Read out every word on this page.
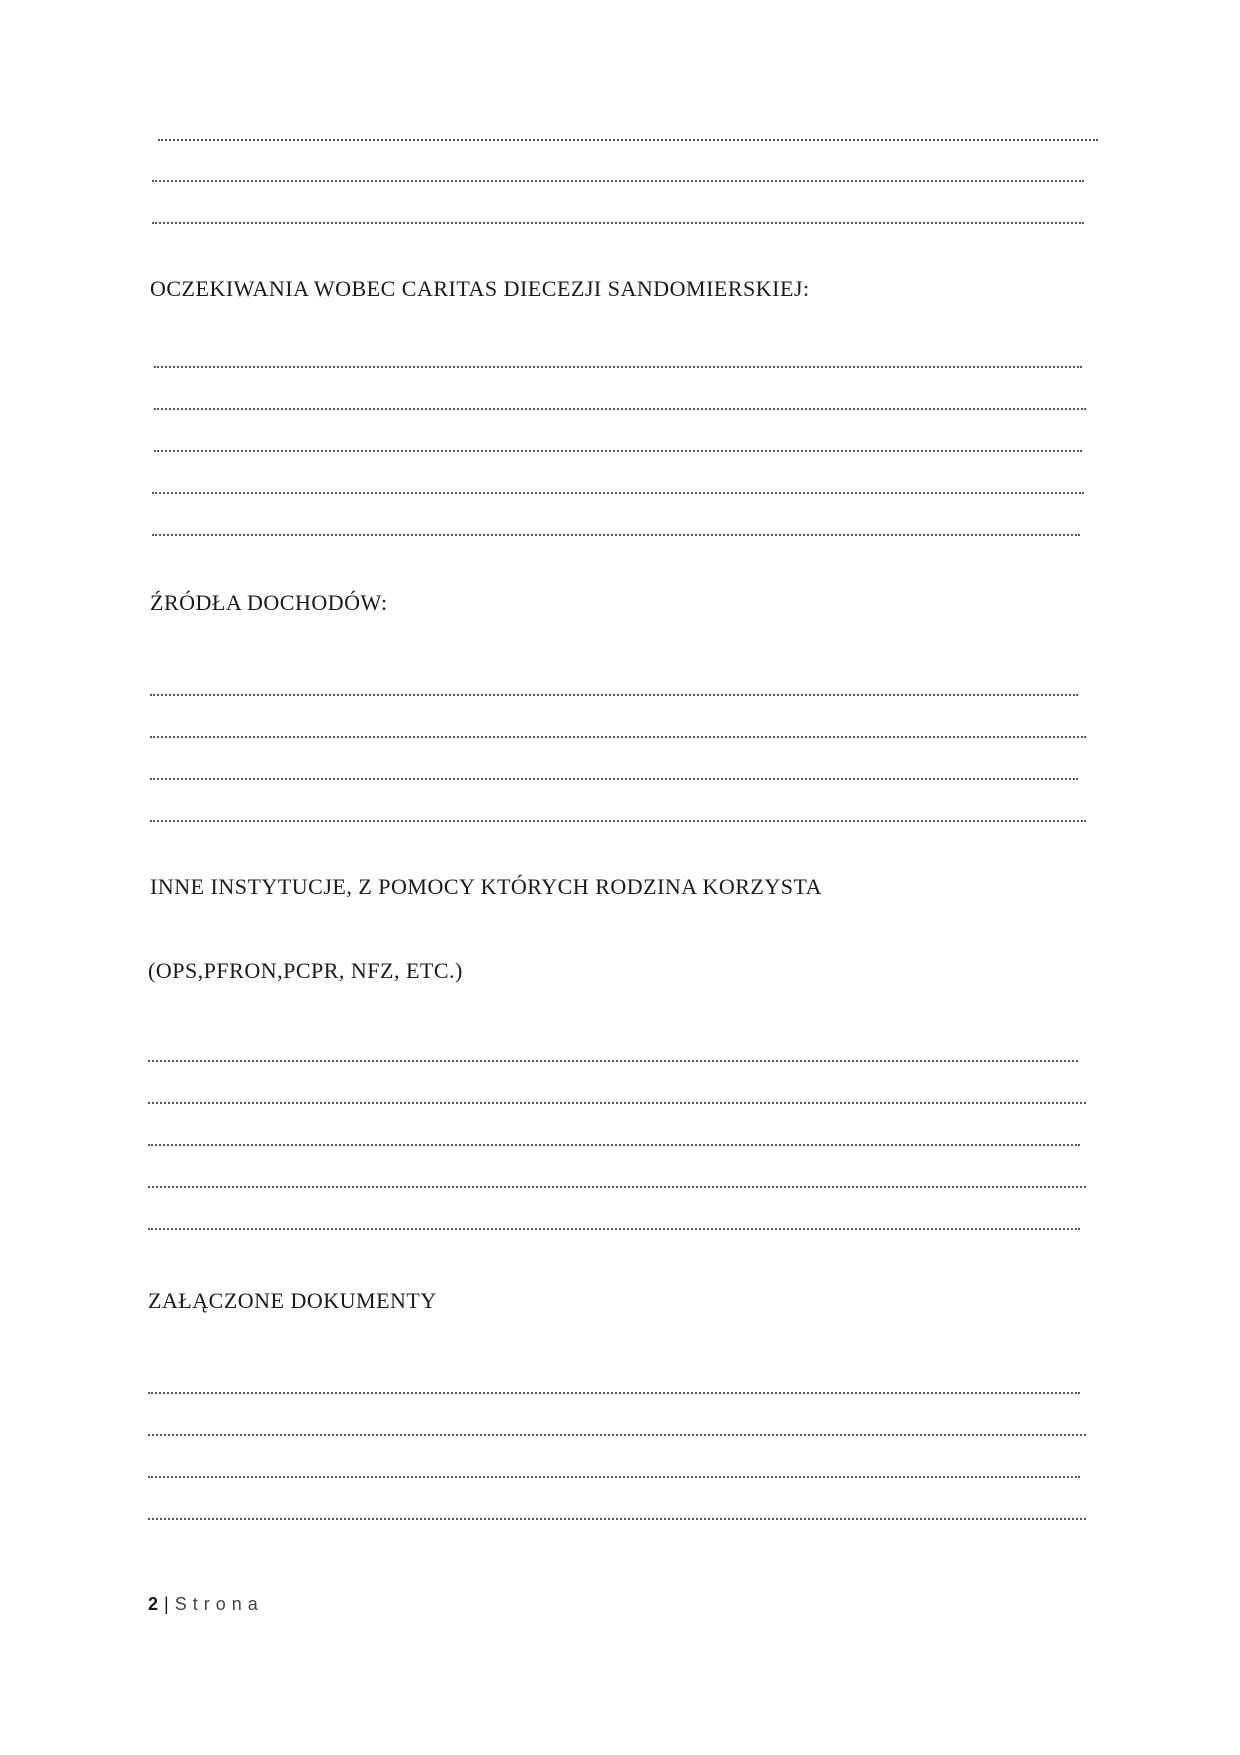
OCZEKIWANIA WOBEC CARITAS DIECEZJI SANDOMIERSKIEJ:
ŹRÓDŁA DOCHODÓW:
INNE INSTYTUCJE, Z POMOCY KTÓRYCH RODZINA KORZYSTA
(OPS,PFRON,PCPR, NFZ, ETC.)
ZAŁĄCZONE DOKUMENTY
2 | Strona
